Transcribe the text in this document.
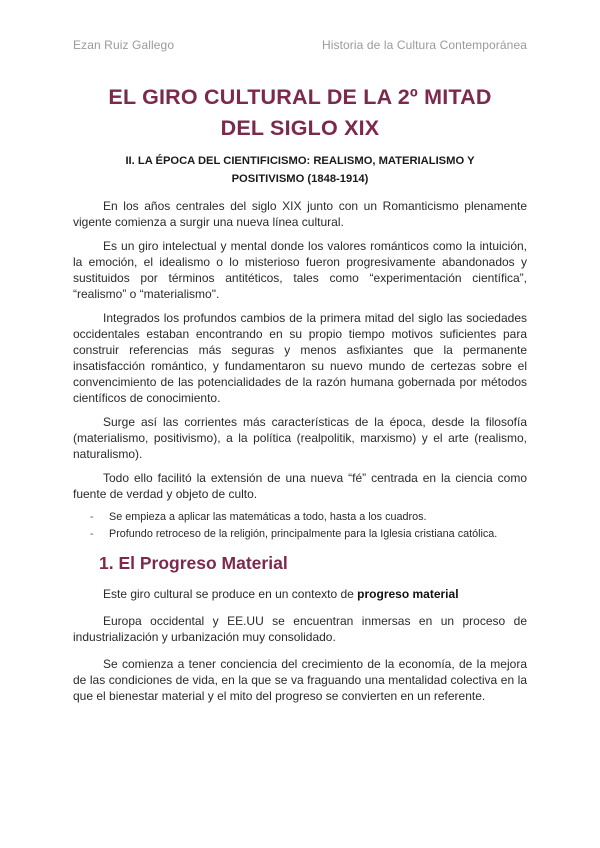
Ezan Ruiz Gallego	Historia de la Cultura Contemporánea
EL GIRO CULTURAL DE LA 2º MITAD
DEL SIGLO XIX
II. LA ÉPOCA DEL CIENTIFICISMO: REALISMO, MATERIALISMO Y
POSITIVISMO (1848-1914)

En los años centrales del siglo XIX junto con un Romanticismo plenamente vigente comienza a surgir una nueva línea cultural.

Es un giro intelectual y mental donde los valores románticos como la intuición, la emoción, el idealismo o lo misterioso fueron progresivamente abandonados y sustituidos por términos antitéticos, tales como “experimentación científica”, “realismo” o “materialismo".

Integrados los profundos cambios de la primera mitad del siglo las sociedades occidentales estaban encontrando en su propio tiempo motivos suficientes para construir referencias más seguras y menos asfixiantes que la permanente insatisfacción romántico, y fundamentaron su nuevo mundo de certezas sobre el convencimiento de las potencialidades de la razón humana gobernada por métodos científicos de conocimiento.

Surge así las corrientes más características de la época, desde la filosofía (materialismo, positivismo), a la política (realpolitik, marxismo) y el arte (realismo, naturalismo).

Todo ello facilitó la extensión de una nueva “fé” centrada en la ciencia como fuente de verdad y objeto de culto.

- Se empieza a aplicar las matemáticas a todo, hasta a los cuadros.
- Profundo retroceso de la religión, principalmente para la Iglesia cristiana católica.
1. El Progreso Material

Este giro cultural se produce en un contexto de progreso material

Europa occidental y EE.UU se encuentran inmersas en un proceso de industrialización y urbanización muy consolidado.

Se comienza a tener conciencia del crecimiento de la economía, de la mejora de las condiciones de vida, en la que se va fraguando una mentalidad colectiva en la que el bienestar material y el mito del progreso se convierten en un referente.
